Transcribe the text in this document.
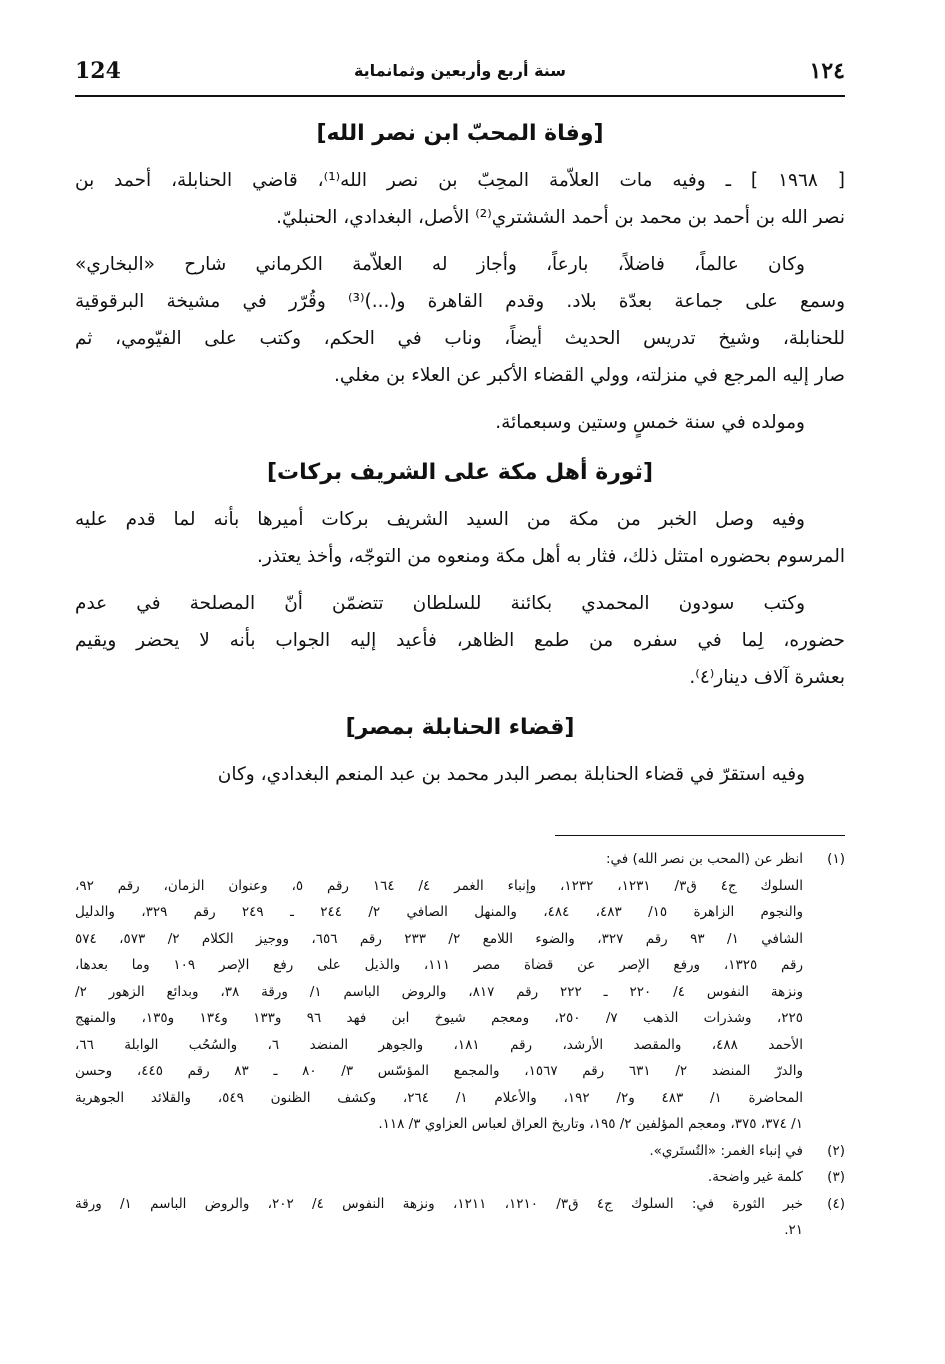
١٢٤
سنة أربع وأربعين وثمانماية
124
[وفاة المحبّ ابن نصر الله]
[ ١٩٦٨ ] ـ وفيه مات العلاّمة المحِبّ بن نصر الله⁽¹⁾، قاضي الحنابلة، أحمد بن
نصر الله بن أحمد بن محمد بن أحمد الششتري⁽²⁾ الأصل، البغدادي، الحنبليّ.
وكان عالماً، فاضلاً، بارعاً، وأجاز له العلاّمة الكرماني شارح «البخاري»
وسمع على جماعة بعدّة بلاد. وقدم القاهرة و(...)⁽³⁾ وقُرّر في مشيخة البرقوقية
للحنابلة، وشيخ تدريس الحديث أيضاً، وناب في الحكم، وكتب على الفيّومي، ثم
صار إليه المرجع في منزلته، وولي القضاء الأكبر عن العلاء بن مغلي.
ومولده في سنة خمسٍ وستين وسبعمائة.
[ثورة أهل مكة على الشريف بركات]
وفيه وصل الخبر من مكة من السيد الشريف بركات أميرها بأنه لما قدم عليه
المرسوم بحضوره امتثل ذلك، فثار به أهل مكة ومنعوه من التوجّه، وأخذ يعتذر.
وكتب سودون المحمدي بكائنة للسلطان تتضمّن أنّ المصلحة في عدم
حضوره، لِما في سفره من طمع الظاهر، فأعيد إليه الجواب بأنه لا يحضر ويقيم
بعشرة آلاف دينار⁽٤⁾.
[قضاء الحنابلة بمصر]
وفيه استقرّ في قضاء الحنابلة بمصر البدر محمد بن عبد المنعم البغدادي، وكان
(١)
انظر عن (المحب بن نصر الله) في:
السلوك ج٤ ق٣/ ١٢٣١، ١٢٣٢، وإنباء الغمر ٤/ ١٦٤ رقم ٥، وعنوان الزمان، رقم ٩٢،
والنجوم الزاهرة ١٥/ ٤٨٣، ٤٨٤، والمنهل الصافي ٢/ ٢٤٤ ـ ٢٤٩ رقم ٣٢٩، والدليل
الشافي ١/ ٩٣ رقم ٣٢٧، والضوء اللامع ٢/ ٢٣٣ رقم ٦٥٦، ووجيز الكلام ٢/ ٥٧٣، ٥٧٤
رقم ١٣٢٥، ورفع الإصر عن قضاة مصر ١١١، والذيل على رفع الإصر ١٠٩ وما بعدها،
ونزهة النفوس ٤/ ٢٢٠ ـ ٢٢٢ رقم ٨١٧، والروض الباسم ١/ ورقة ٣٨، وبدائع الزهور ٢/
٢٢٥، وشذرات الذهب ٧/ ٢٥٠، ومعجم شيوخ ابن فهد ٩٦ و١٣٣ و١٣٤ و١٣٥، والمنهج
الأحمد ٤٨٨، والمقصد الأرشد، رقم ١٨١، والجوهر المنضد ٦، والسُحُب الوابلة ٦٦،
والدرّ المنضد ٢/ ٦٣١ رقم ١٥٦٧، والمجمع المؤسّس ٣/ ٨٠ ـ ٨٣ رقم ٤٤٥، وحسن
المحاضرة ١/ ٤٨٣ و٢/ ١٩٢، والأعلام ١/ ٢٦٤، وكشف الظنون ٥٤٩، والقلائد الجوهرية
١/ ٣٧٤، ٣٧٥، ومعجم المؤلفين ٢/ ١٩٥، وتاريخ العراق لعباس العزاوي ٣/ ١١٨.
(٢)
في إنباء الغمر: «التُستَري».
(٣)
كلمة غير واضحة.
(٤)
خبر الثورة في: السلوك ج٤ ق٣/ ١٢١٠، ١٢١١، ونزهة النفوس ٤/ ٢٠٢، والروض الباسم ١/ ورقة
٢١.
